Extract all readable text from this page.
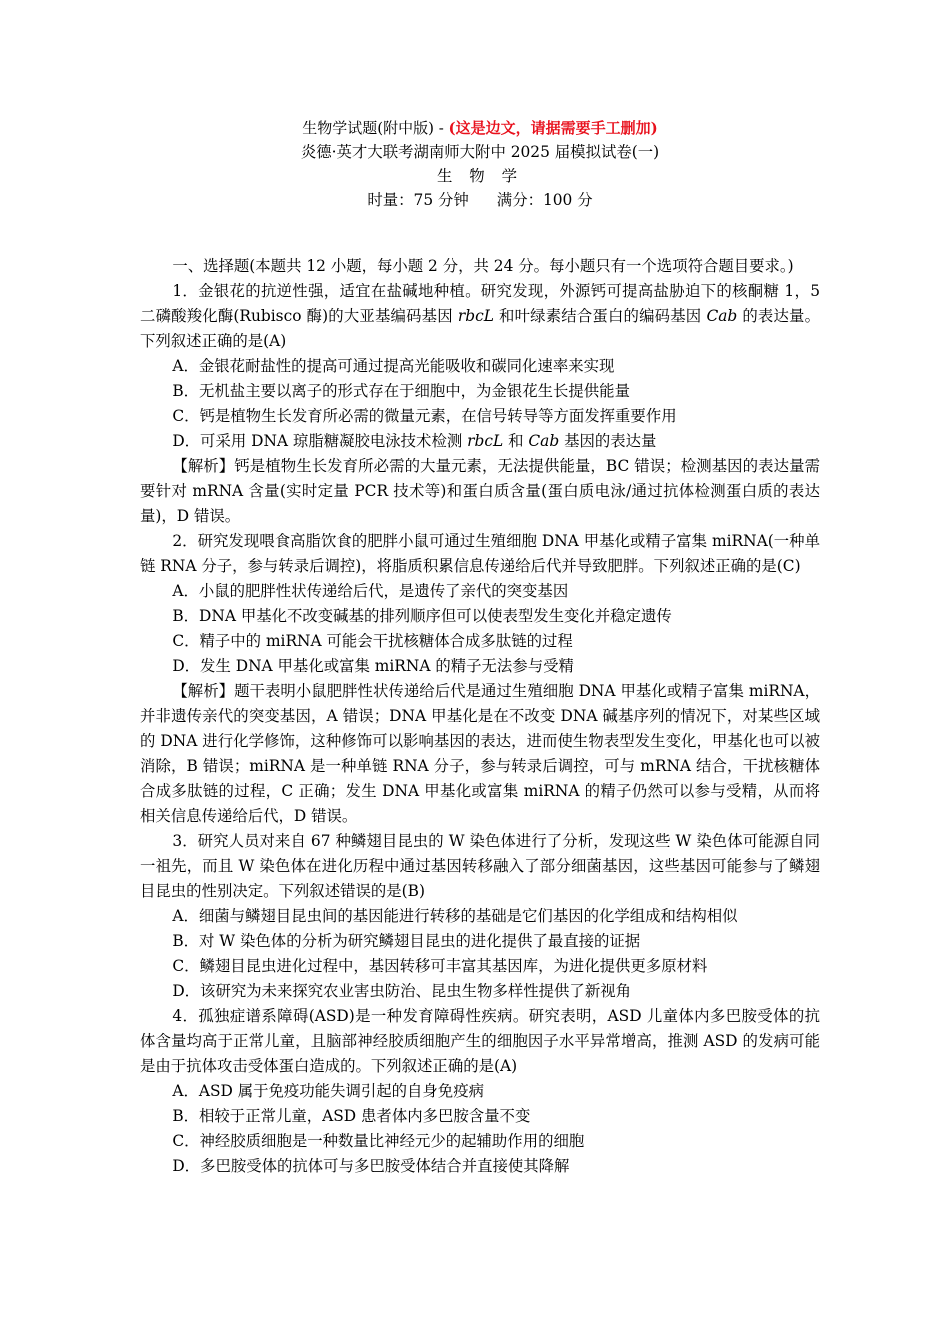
生物学试题(附中版) - (这是边文，请据需要手工删加)
炎德·英才大联考湖南师大附中 2025 届模拟试卷(一)
生 物 学
时量：75 分钟 满分：100 分

一、选择题(本题共 12 小题，每小题 2 分，共 24 分。每小题只有一个选项符合题目要求。)

1．金银花的抗逆性强，适宜在盐碱地种植。研究发现，外源钙可提高盐胁迫下的核酮糖 1，5 二磷酸羧化酶(Rubisco 酶)的大亚基编码基因 rbcL 和叶绿素结合蛋白的编码基因 Cab 的表达量。下列叙述正确的是(A)

A．金银花耐盐性的提高可通过提高光能吸收和碳同化速率来实现

B．无机盐主要以离子的形式存在于细胞中，为金银花生长提供能量

C．钙是植物生长发育所必需的微量元素，在信号转导等方面发挥重要作用

D．可采用 DNA 琼脂糖凝胶电泳技术检测 rbcL 和 Cab 基因的表达量

【解析】钙是植物生长发育所必需的大量元素，无法提供能量，BC 错误；检测基因的表达量需要针对 mRNA 含量(实时定量 PCR 技术等)和蛋白质含量(蛋白质电泳/通过抗体检测蛋白质的表达量)，D 错误。

2．研究发现喂食高脂饮食的肥胖小鼠可通过生殖细胞 DNA 甲基化或精子富集 miRNA(一种单链 RNA 分子，参与转录后调控)，将脂质积累信息传递给后代并导致肥胖。下列叙述正确的是(C)

A．小鼠的肥胖性状传递给后代，是遗传了亲代的突变基因

B．DNA 甲基化不改变碱基的排列顺序但可以使表型发生变化并稳定遗传

C．精子中的 miRNA 可能会干扰核糖体合成多肽链的过程

D．发生 DNA 甲基化或富集 miRNA 的精子无法参与受精

【解析】题干表明小鼠肥胖性状传递给后代是通过生殖细胞 DNA 甲基化或精子富集 miRNA，并非遗传亲代的突变基因，A 错误；DNA 甲基化是在不改变 DNA 碱基序列的情况下，对某些区域的 DNA 进行化学修饰，这种修饰可以影响基因的表达，进而使生物表型发生变化，甲基化也可以被消除，B 错误；miRNA 是一种单链 RNA 分子，参与转录后调控，可与 mRNA 结合，干扰核糖体合成多肽链的过程，C 正确；发生 DNA 甲基化或富集 miRNA 的精子仍然可以参与受精，从而将相关信息传递给后代，D 错误。

3．研究人员对来自 67 种鳞翅目昆虫的 W 染色体进行了分析，发现这些 W 染色体可能源自同一祖先，而且 W 染色体在进化历程中通过基因转移融入了部分细菌基因，这些基因可能参与了鳞翅目昆虫的性别决定。下列叙述错误的是(B)

A．细菌与鳞翅目昆虫间的基因能进行转移的基础是它们基因的化学组成和结构相似

B．对 W 染色体的分析为研究鳞翅目昆虫的进化提供了最直接的证据

C．鳞翅目昆虫进化过程中，基因转移可丰富其基因库，为进化提供更多原材料

D．该研究为未来探究农业害虫防治、昆虫生物多样性提供了新视角

4．孤独症谱系障碍(ASD)是一种发育障碍性疾病。研究表明，ASD 儿童体内多巴胺受体的抗体含量均高于正常儿童，且脑部神经胶质细胞产生的细胞因子水平异常增高，推测 ASD 的发病可能是由于抗体攻击受体蛋白造成的。下列叙述正确的是(A)

A．ASD 属于免疫功能失调引起的自身免疫病

B．相较于正常儿童，ASD 患者体内多巴胺含量不变

C．神经胶质细胞是一种数量比神经元少的起辅助作用的细胞

D．多巴胺受体的抗体可与多巴胺受体结合并直接使其降解
